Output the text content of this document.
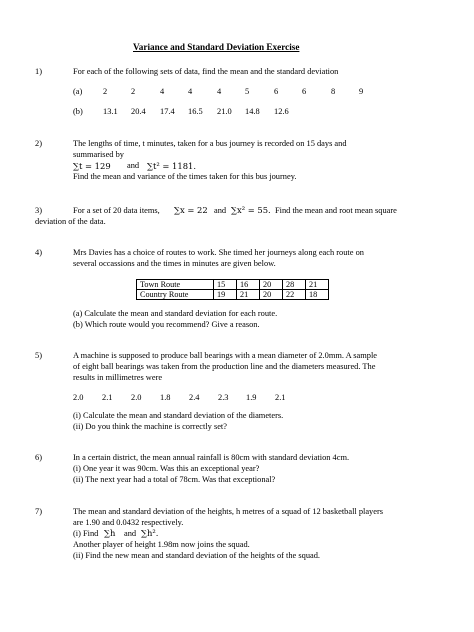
Variance and Standard Deviation Exercise
1)	For each of the following sets of data, find the mean and the standard deviation
(a) 2	2	4	4	4	5	6	6	8	9
(b) 13.1 20.4 17.4 16.5 21.0 14.8 12.6
2)	The lengths of time, t minutes, taken for a bus journey is recorded on 15 days and
summarised by
∑t = 129 and ∑t² = 1181.
Find the mean and variance of the times taken for this bus journey.
3)	For a set of 20 data items, ∑x = 22 and ∑x² = 55. Find the mean and root mean square
deviation of the data.
4)	Mrs Davies has a choice of routes to work. She timed her journeys along each route on
several occassions and the times in minutes are given below.
Town Route	15	16	20	28	21
Country Route	19	21	20	22	18
(a) Calculate the mean and standard deviation for each route.
(b) Which route would you recommend? Give a reason.
5)	A machine is supposed to produce ball bearings with a mean diameter of 2.0mm. A sample
of eight ball bearings was taken from the production line and the diameters measured. The
results in millimetres were
2.0 2.1 2.0 1.8 2.4 2.3 1.9 2.1
(i) Calculate the mean and standard deviation of the diameters.
(ii) Do you think the machine is correctly set?
6)	In a certain district, the mean annual rainfall is 80cm with standard deviation 4cm.
(i) One year it was 90cm. Was this an exceptional year?
(ii) The next year had a total of 78cm. Was that exceptional?
7)	The mean and standard deviation of the heights, h metres of a squad of 12 basketball players
are 1.90 and 0.0432 respectively.
(i) Find ∑h and ∑h².
Another player of height 1.98m now joins the squad.
(ii) Find the new mean and standard deviation of the heights of the squad.
